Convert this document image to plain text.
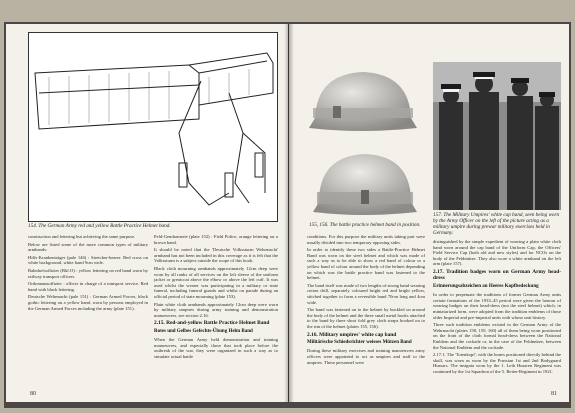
154. The German Army red and yellow Battle Practice Helmet band.

construction and lettering but achieving the same purpose.

Below are listed some of the more common types of military armbands:

Hilfs-Krankenträger (pale 146) : Stretcher-bearer. Red cross on white background, white band 9cm wide.

Bahnhofsoffizier (Bhf.O) : yellow lettering on red band worn by railway transport officers.

Ordonnanzoffizier : officer in charge of a transport service. Red band with black lettering.

Deutsche Wehrmacht (pale 151) : German Armed Forces, black gothic lettering on a yellow band, worn by persons employed in the German Armed Forces including the army (plate 151).

Feld-Gendarmerie (plate 152) : Field Police, orange lettering on a brown band.

It should be noted that the 'Deutsche Volkssturm Wehrmacht' armband has not been included in this coverage as it is felt that the Volkssturm is a subject outside the scope of this book.

Black cloth mourning armbands approximately 12cm deep were worn by all ranks of all services on the left sleeve of the uniform jacket or greatcoat above the elbow or above the left cuff. It was used whilst the wearer was participating in a military or state funeral, including funeral guards and whilst on parade during an official period of state mourning (plate 153).

Plain white cloth armbands approximately 12cm deep were worn by military umpires during army training and demonstration manoeuvres, see section 2.16.

2.15. Red-and-yellow Battle Practice Helmet Band
Rotes und Gelbes Gefechts-Übung Helm Band

When the German Army held demonstration and training manoeuvres, and especially those that took place before the outbreak of the war, they were organized in such a way as to simulate actual battle

80
155, 156. The battle practice helmet band in position.
157. The Military Umpires' white cap band, seen being worn by the Army Officer on the left of the picture acting as a military umpire during prewar military exercises held in Germany.

conditions. For this purpose the military units taking part were usually divided into two temporary opposing sides.

In order to identify these two sides a Battle-Practice Helmet Band was worn on the steel helmet and which was made of such a way as to be able to show a red band of colour or a yellow band of colour around the body of the helmet depending on which was the battle practice band was fastened to the helmet.

The band itself was made of two lengths of strong band wearing cotton drill, separately coloured bright red and bright yellow, stitched together to form a reversible band 70cm long and 4cm wide.

The band was fastened on to the helmet by buckled on around the body of the helmet and the three small metal hooks attached to the band by three short fold grey cloth straps hooked on to the rim of the helmet (plates 155, 156).

2.16. Military umpires' white cap band
Militärische Schiedsrichter weisses Mützen Band

During these military exercises and training manoeuvres army officers were appointed to act as umpires and staff to the umpires. These personnel were

distinguished by the simple expedient of wearing a plain white cloth band worn around the cap band of the Uniform Cap, the Officers' Field Service Cap (both old and new styles) and for NCOs on the body of the Feldmütze. They also wore a white armband on the left arm (plate 157).

2.17. Tradition badges worn on German Army head-dress
Erinnerungsabzeichen an Heeres Kopfbedeckung

In order to perpetuate the traditions of former German Army units certain formations of the 1933–45 period were given the honour of wearing badges on their head-dress (not the steel helmet) which, in miniaturized form, were adopted from the tradition emblems of those older Imperial and pre-imperial units with whose unit history.

Three such tradition emblems existed in the German Army of the Wehrmacht (plates 158, 159, 160) all of them being worn positioned on the front of the cloth formal head-dress between the National Emblem and the cockade or, in the case of the Feldmütze, between the National Emblem and the cockade.

2.17.1. The 'Totenkopf', with the bones positioned directly behind the skull, was worn as worn by the Prussian 1st and 2nd Bodyguard Hussars. The insignia worn by the 1. Leib Husaren Regiment was continued by the 1st Squadron of the 5. Reiter-Regiment in 1921.

81
